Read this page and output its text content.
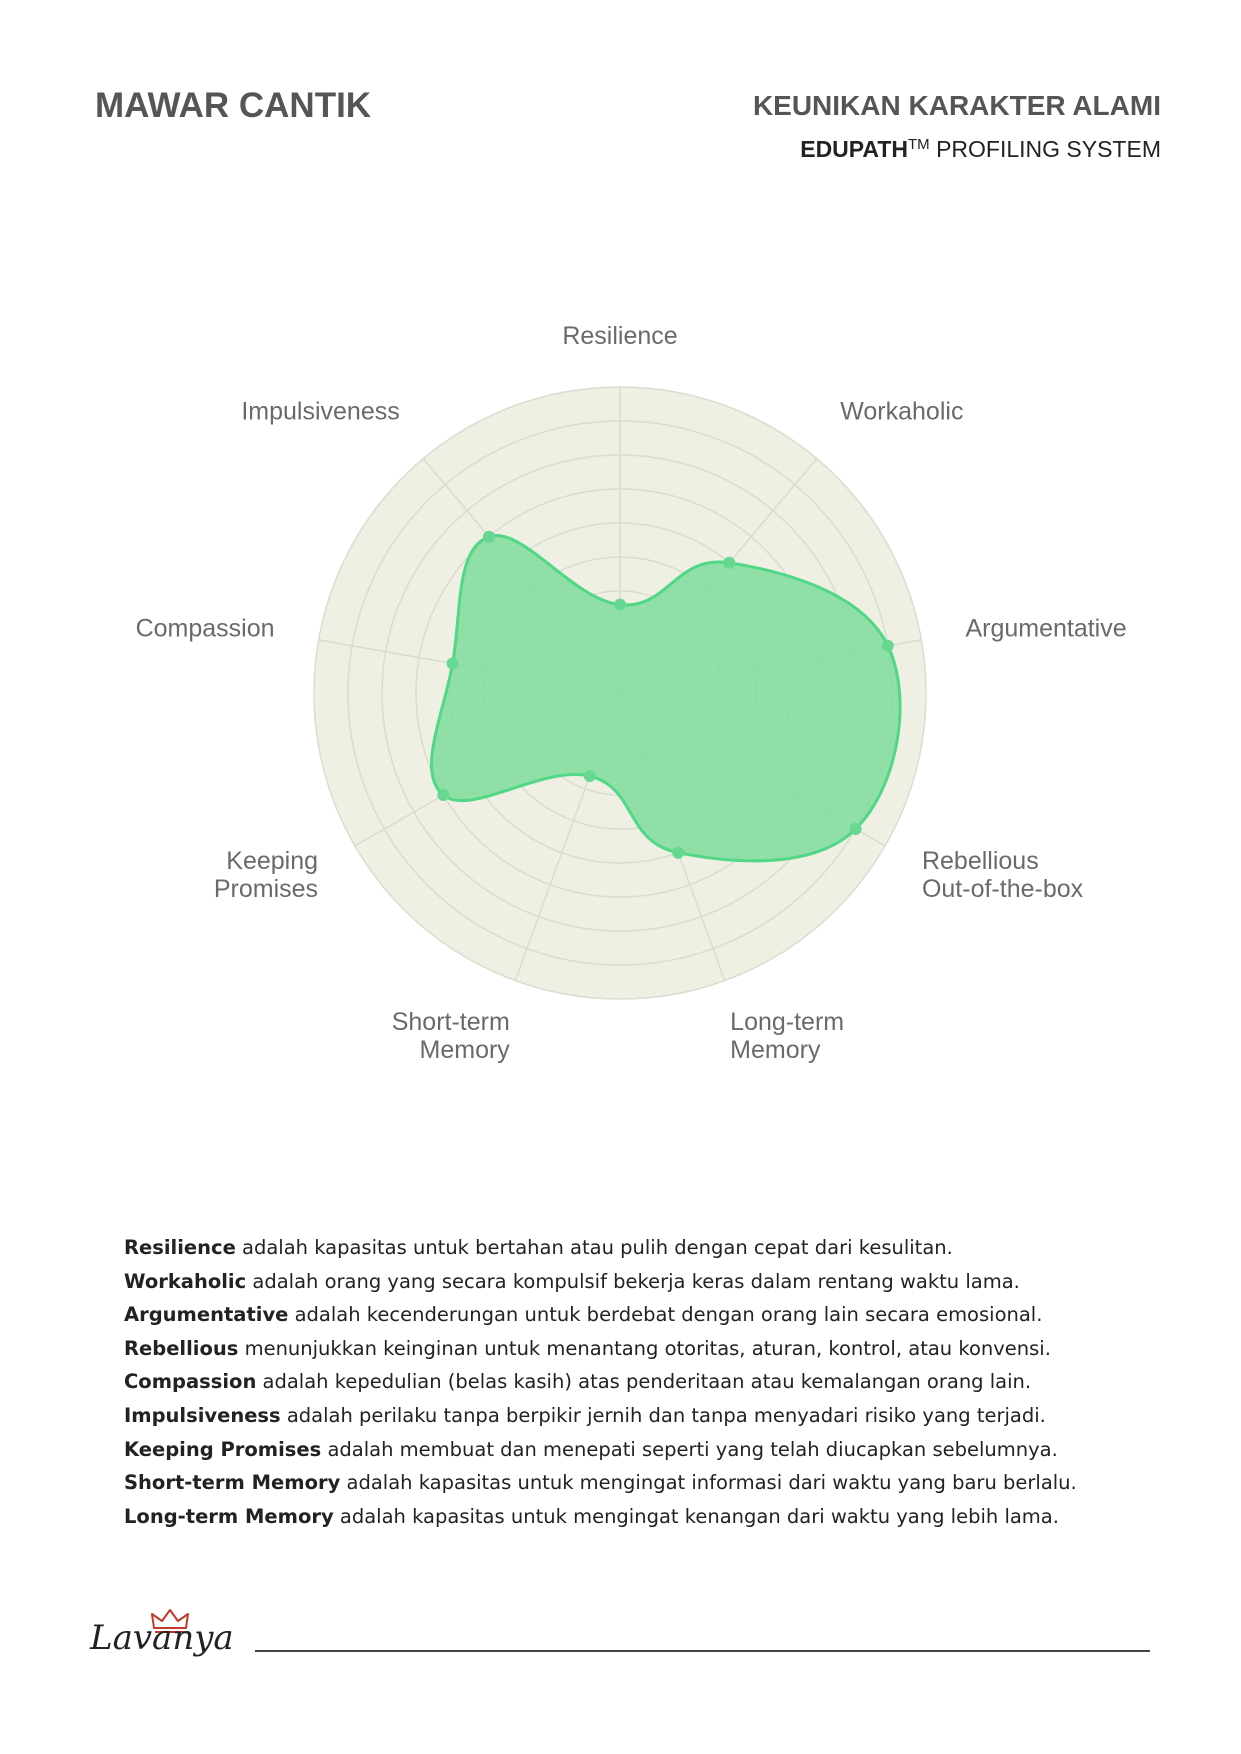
MAWAR CANTIK	KEUNIKAN KARAKTER ALAMI
EDUPATH™ PROFILING SYSTEM
Resilience
Workaholic
Argumentative
Rebellious Out-of-the-box
Long-term Memory
Short-term Memory
Keeping Promises
Compassion
Impulsiveness
Resilience adalah kapasitas untuk bertahan atau pulih dengan cepat dari kesulitan.
Workaholic adalah orang yang secara kompulsif bekerja keras dalam rentang waktu lama.
Argumentative adalah kecenderungan untuk berdebat dengan orang lain secara emosional.
Rebellious menunjukkan keinginan untuk menantang otoritas, aturan, kontrol, atau konvensi.
Compassion adalah kepedulian (belas kasih) atas penderitaan atau kemalangan orang lain.
Impulsiveness adalah perilaku tanpa berpikir jernih dan tanpa menyadari risiko yang terjadi.
Keeping Promises adalah membuat dan menepati seperti yang telah diucapkan sebelumnya.
Short-term Memory adalah kapasitas untuk mengingat informasi dari waktu yang baru berlalu.
Long-term Memory adalah kapasitas untuk mengingat kenangan dari waktu yang lebih lama.
Lavanya
